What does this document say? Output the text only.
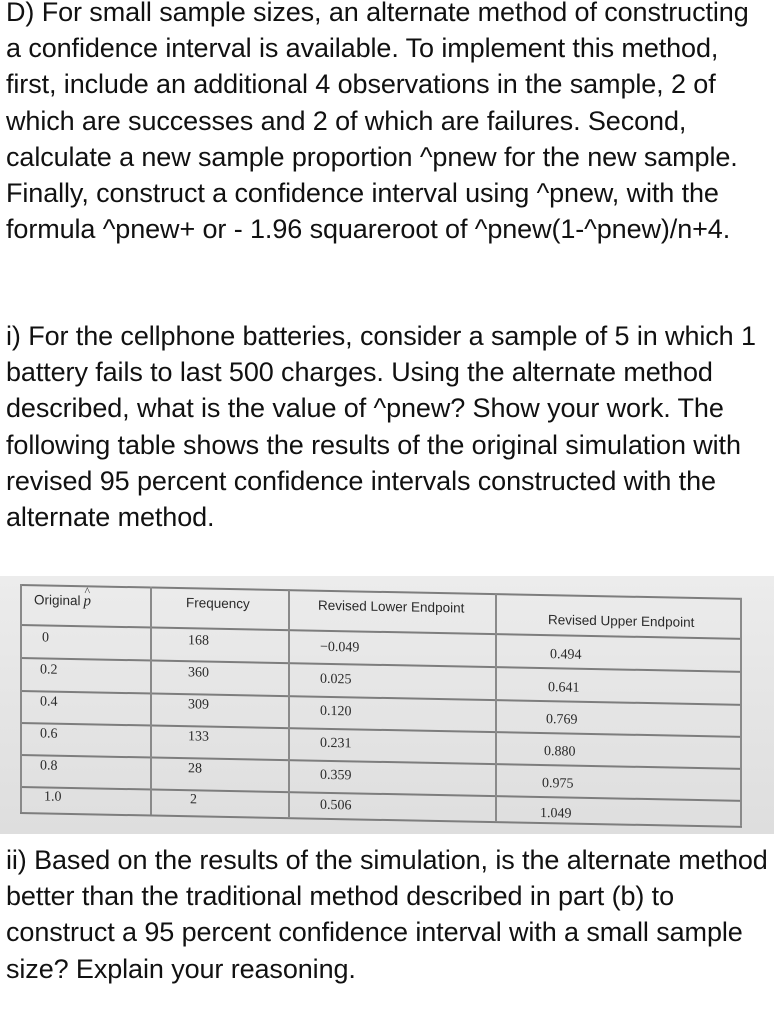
D) For small sample sizes, an alternate method of constructing a confidence interval is available. To implement this method, first, include an additional 4 observations in the sample, 2 of which are successes and 2 of which are failures. Second, calculate a new sample proportion ^pnew for the new sample. Finally, construct a confidence interval using ^pnew, with the formula ^pnew+ or - 1.96 squareroot of ^pnew(1-^pnew)/n+4.

i) For the cellphone batteries, consider a sample of 5 in which 1 battery fails to last 500 charges. Using the alternate method described, what is the value of ^pnew? Show your work. The following table shows the results of the original simulation with revised 95 percent confidence intervals constructed with the alternate method.

Original^ p	Frequency	Revised Lower Endpoint
Revised Upper Endpoint
0	168	−0.049	0.494
0.2	360	0.025
0.641
0.4	309	0.120
0.769
0.6	133	0.231
0.880
0.8	28	0.359
0.975
1.0	2	0.506
1.049

ii) Based on the results of the simulation, is the alternate method better than the traditional method described in part (b) to construct a 95 percent confidence interval with a small sample size? Explain your reasoning.
